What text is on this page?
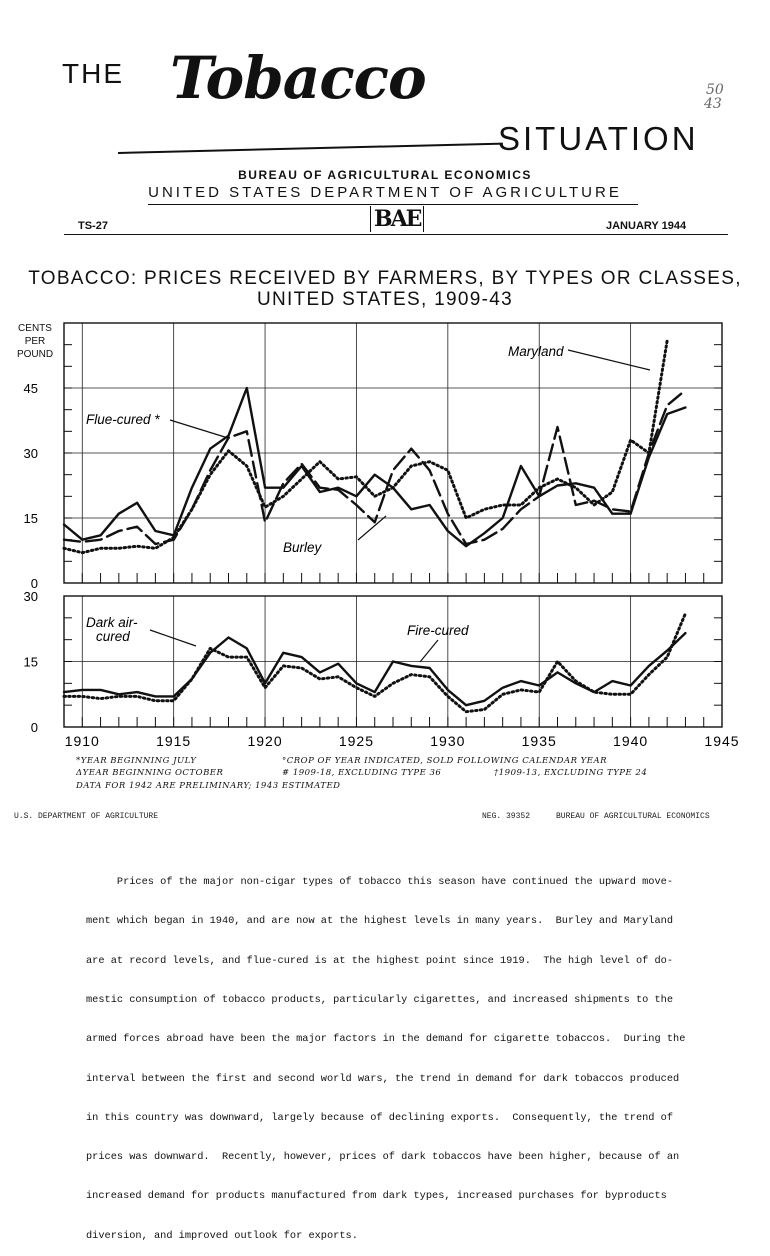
THE Tobacco
SITUATION
50
43
BUREAU OF AGRICULTURAL ECONOMICS
UNITED STATES DEPARTMENT OF AGRICULTURE
TS-27	BAE	JANUARY 1944
TOBACCO: PRICES RECEIVED BY FARMERS, BY TYPES OR CLASSES, UNITED STATES, 1909-43
CENTS PER POUND
0
15
30
45
0
15
30
1910	1915	1920	1925	1930	1935	1940	1945
Flue-cured *
Burley
Maryland
Fire-cured
Dark air-
cured
*YEAR BEGINNING JULY
ΔYEAR BEGINNING OCTOBER
DATA FOR 1942 ARE PRELIMINARY; 1943 ESTIMATED
°CROP OF YEAR INDICATED, SOLD FOLLOWING CALENDAR YEAR
# 1909-18, EXCLUDING TYPE 36	†1909-13, EXCLUDING TYPE 24
U.S. DEPARTMENT OF AGRICULTURE	NEG. 39352	BUREAU OF AGRICULTURAL ECONOMICS

Prices of the major non-cigar types of tobacco this season have continued the upward move-

ment which began in 1940, and are now at the highest levels in many years.  Burley and Maryland

are at record levels, and flue-cured is at the highest point since 1919.  The high level of do-

mestic consumption of tobacco products, particularly cigarettes, and increased shipments to the

armed forces abroad have been the major factors in the demand for cigarette tobaccos.  During the

interval between the first and second world wars, the trend in demand for dark tobaccos produced

in this country was downward, largely because of declining exports.  Consequently, the trend of

prices was downward.  Recently, however, prices of dark tobaccos have been higher, because of an

increased demand for products manufactured from dark types, increased purchases for byproducts

diversion, and improved outlook for exports.
